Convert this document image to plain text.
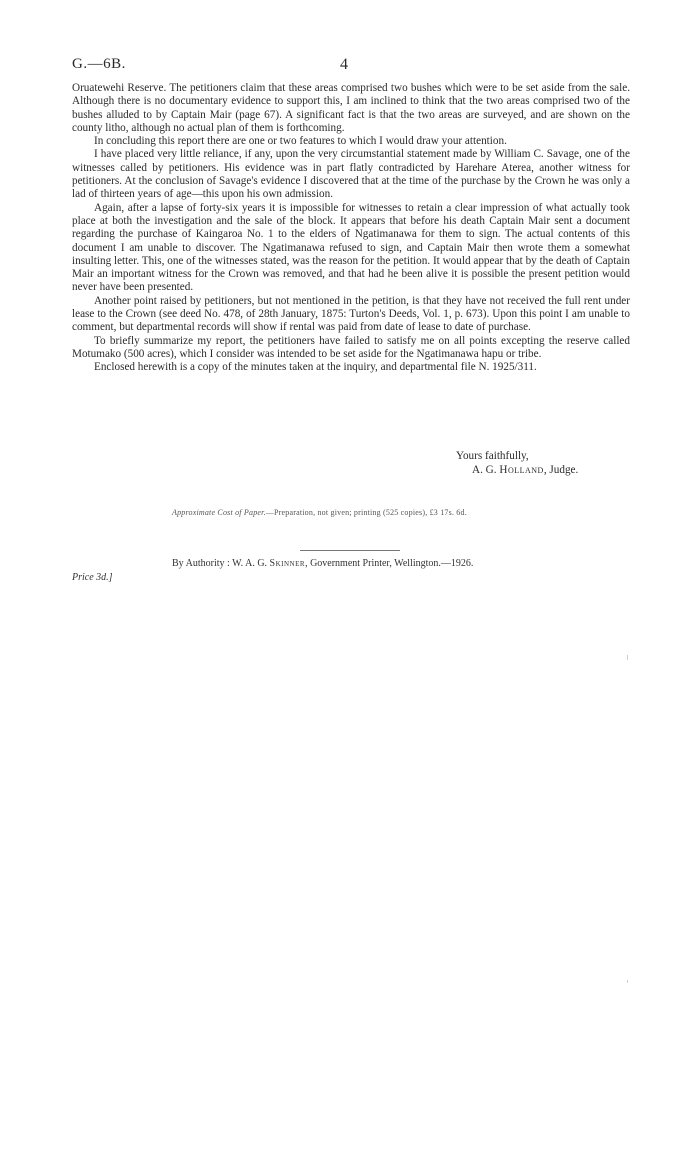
G.—6B.	4

Oruatewehi Reserve. The petitioners claim that these areas comprised two bushes which were to be set aside from the sale. Although there is no documentary evidence to support this, I am inclined to think that the two areas comprised two of the bushes alluded to by Captain Mair (page 67). A significant fact is that the two areas are surveyed, and are shown on the county litho, although no actual plan of them is forthcoming.

In concluding this report there are one or two features to which I would draw your attention.

I have placed very little reliance, if any, upon the very circumstantial statement made by William C. Savage, one of the witnesses called by petitioners. His evidence was in part flatly contradicted by Harehare Aterea, another witness for petitioners. At the conclusion of Savage's evidence I discovered that at the time of the purchase by the Crown he was only a lad of thirteen years of age—this upon his own admission.

Again, after a lapse of forty-six years it is impossible for witnesses to retain a clear impression of what actually took place at both the investigation and the sale of the block. It appears that before his death Captain Mair sent a document regarding the purchase of Kaingaroa No. 1 to the elders of Ngatimanawa for them to sign. The actual contents of this document I am unable to discover. The Ngatimanawa refused to sign, and Captain Mair then wrote them a somewhat insulting letter. This, one of the witnesses stated, was the reason for the petition. It would appear that by the death of Captain Mair an important witness for the Crown was removed, and that had he been alive it is possible the present petition would never have been presented.

Another point raised by petitioners, but not mentioned in the petition, is that they have not received the full rent under lease to the Crown (see deed No. 478, of 28th January, 1875: Turton's Deeds, Vol. 1, p. 673). Upon this point I am unable to comment, but departmental records will show if rental was paid from date of lease to date of purchase.

To briefly summarize my report, the petitioners have failed to satisfy me on all points excepting the reserve called Motumako (500 acres), which I consider was intended to be set aside for the Ngatimanawa hapu or tribe.

Enclosed herewith is a copy of the minutes taken at the inquiry, and departmental file N. 1925/311.

Yours faithfully,
A. G. Holland, Judge.
Approximate Cost of Paper.—Preparation, not given; printing (525 copies), £3 17s. 6d.
By Authority : W. A. G. Skinner, Government Printer, Wellington.—1926.
Price 3d.]
